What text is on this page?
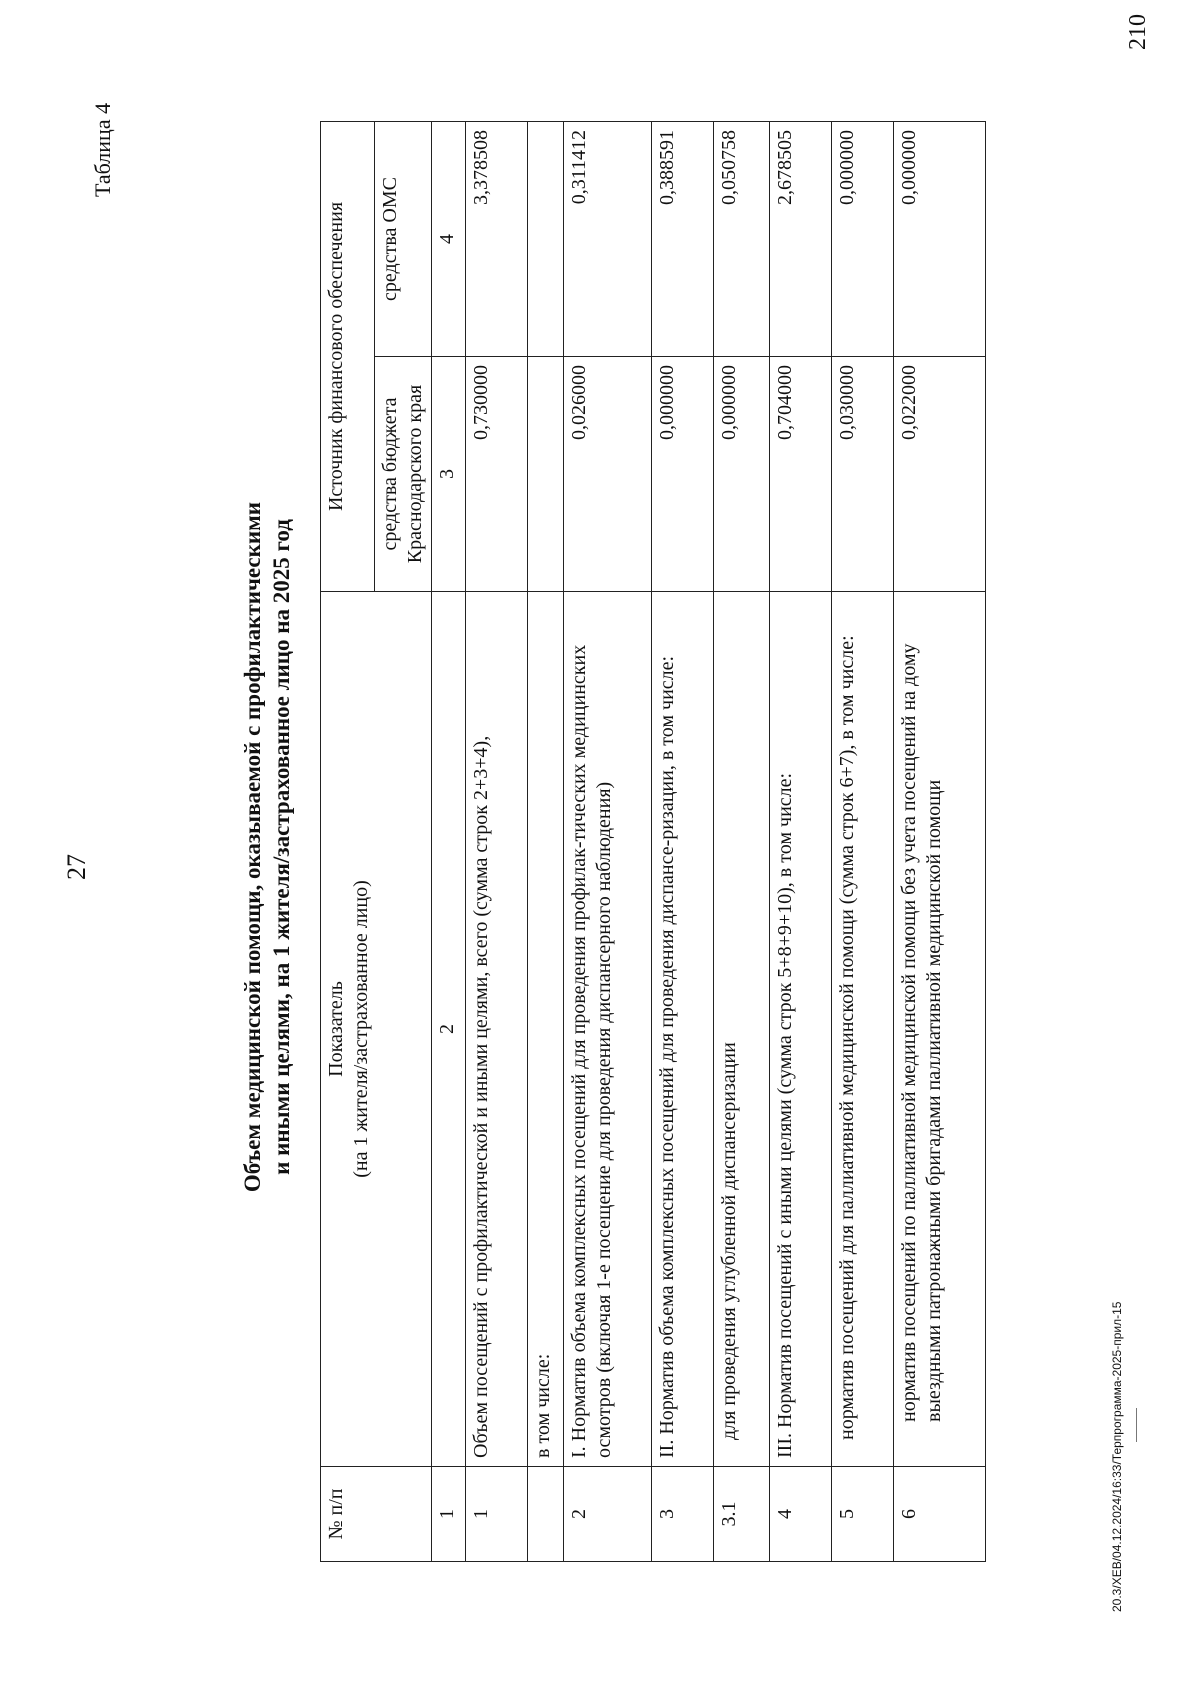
27
Таблица 4
Объем медицинской помощи, оказываемой с профилактическими и иными целями, на 1 жителя/застрахованное лицо на 2025 год
№ п/п	Показатель (на 1 жителя/застрахованное лицо)	Источник финансового обеспечения	
		средства бюджета Краснодарского края	средства ОМС
1	2	3	4
1	Объем посещений с профилактической и иными целями, всего (сумма строк 2+3+4),	0,730000	3,378508
	в том числе:		
2	I. Норматив объема комплексных посещений для проведения профилак-тических медицинских осмотров (включая 1-е посещение для проведения диспансерного наблюдения)	0,026000	0,311412
3	II. Норматив объема комплексных посещений для проведения диспансе-ризации, в том числе:	0,000000	0,388591
3.1	для проведения углубленной диспансеризации	0,000000	0,050758
4	III. Норматив посещений с иными целями (сумма строк 5+8+9+10), в том числе:	0,704000	2,678505
5	норматив посещений для паллиативной медицинской помощи (сумма строк 6+7), в том числе:	0,030000	0,000000
6	норматив посещений по паллиативной медицинской помощи без учета посещений на дому выездными патронажными бригадами паллиативной медицинской помощи	0,022000	0,000000
20.3/ХЕВ/04.12.2024/16:33/Терпрограмма-2025-прил-15
210
